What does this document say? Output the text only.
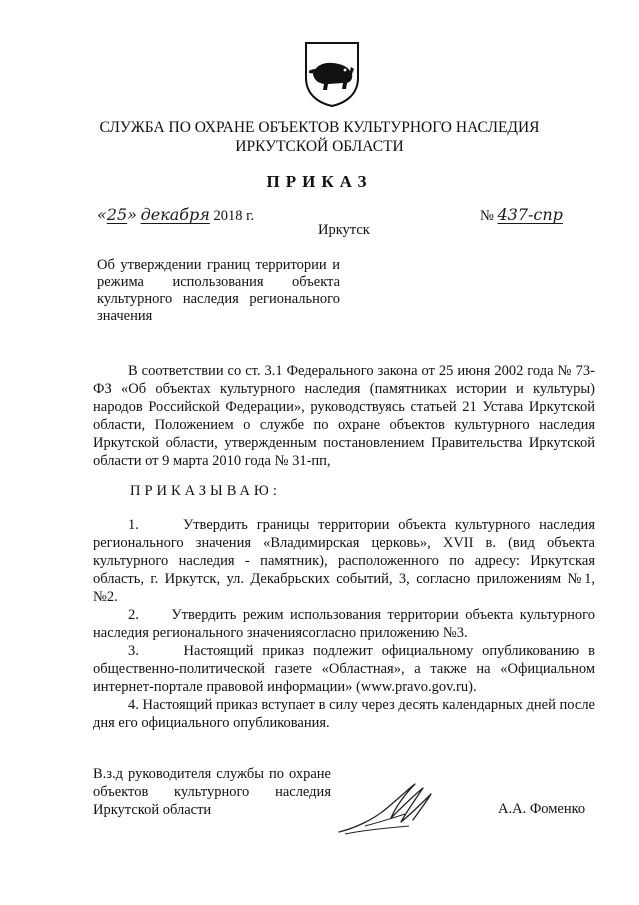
СЛУЖБА ПО ОХРАНЕ ОБЪЕКТОВ КУЛЬТУРНОГО НАСЛЕДИЯ
ИРКУТСКОЙ ОБЛАСТИ
ПРИКАЗ
«25» декабря 2018 г.
Иркутск
№ 437-спр
Об утверждении границ территории и режима использования объекта культурного наследия регионального значения
В соответствии со ст. 3.1 Федерального закона от 25 июня 2002 года № 73-ФЗ «Об объектах культурного наследия (памятниках истории и культуры) народов Российской Федерации», руководствуясь статьей 21 Устава Иркутской области, Положением о службе по охране объектов культурного наследия Иркутской области, утвержденным постановлением Правительства Иркутской области от 9 марта 2010 года № 31-пп,
ПРИКАЗЫВАЮ:

1.     Утвердить границы территории объекта культурного наследия регионального значения «Владимирская церковь», XVII в. (вид объекта культурного наследия - памятник), расположенного по адресу: Иркутская область, г. Иркутск, ул. Декабрьских событий, 3, согласно приложениям №1, №2.

2.     Утвердить режим использования территории объекта культурного наследия регионального значениясогласно приложению №3.

3.     Настоящий приказ подлежит официальному опубликованию в общественно-политической газете «Областная», а также на «Официальном интернет-портале правовой информации» (www.pravo.gov.ru).

4. Настоящий приказ вступает в силу через десять календарных дней после дня его официального опубликования.

В.з.д руководителя службы по охране объектов культурного наследия Иркутской области	А.А. Фоменко
